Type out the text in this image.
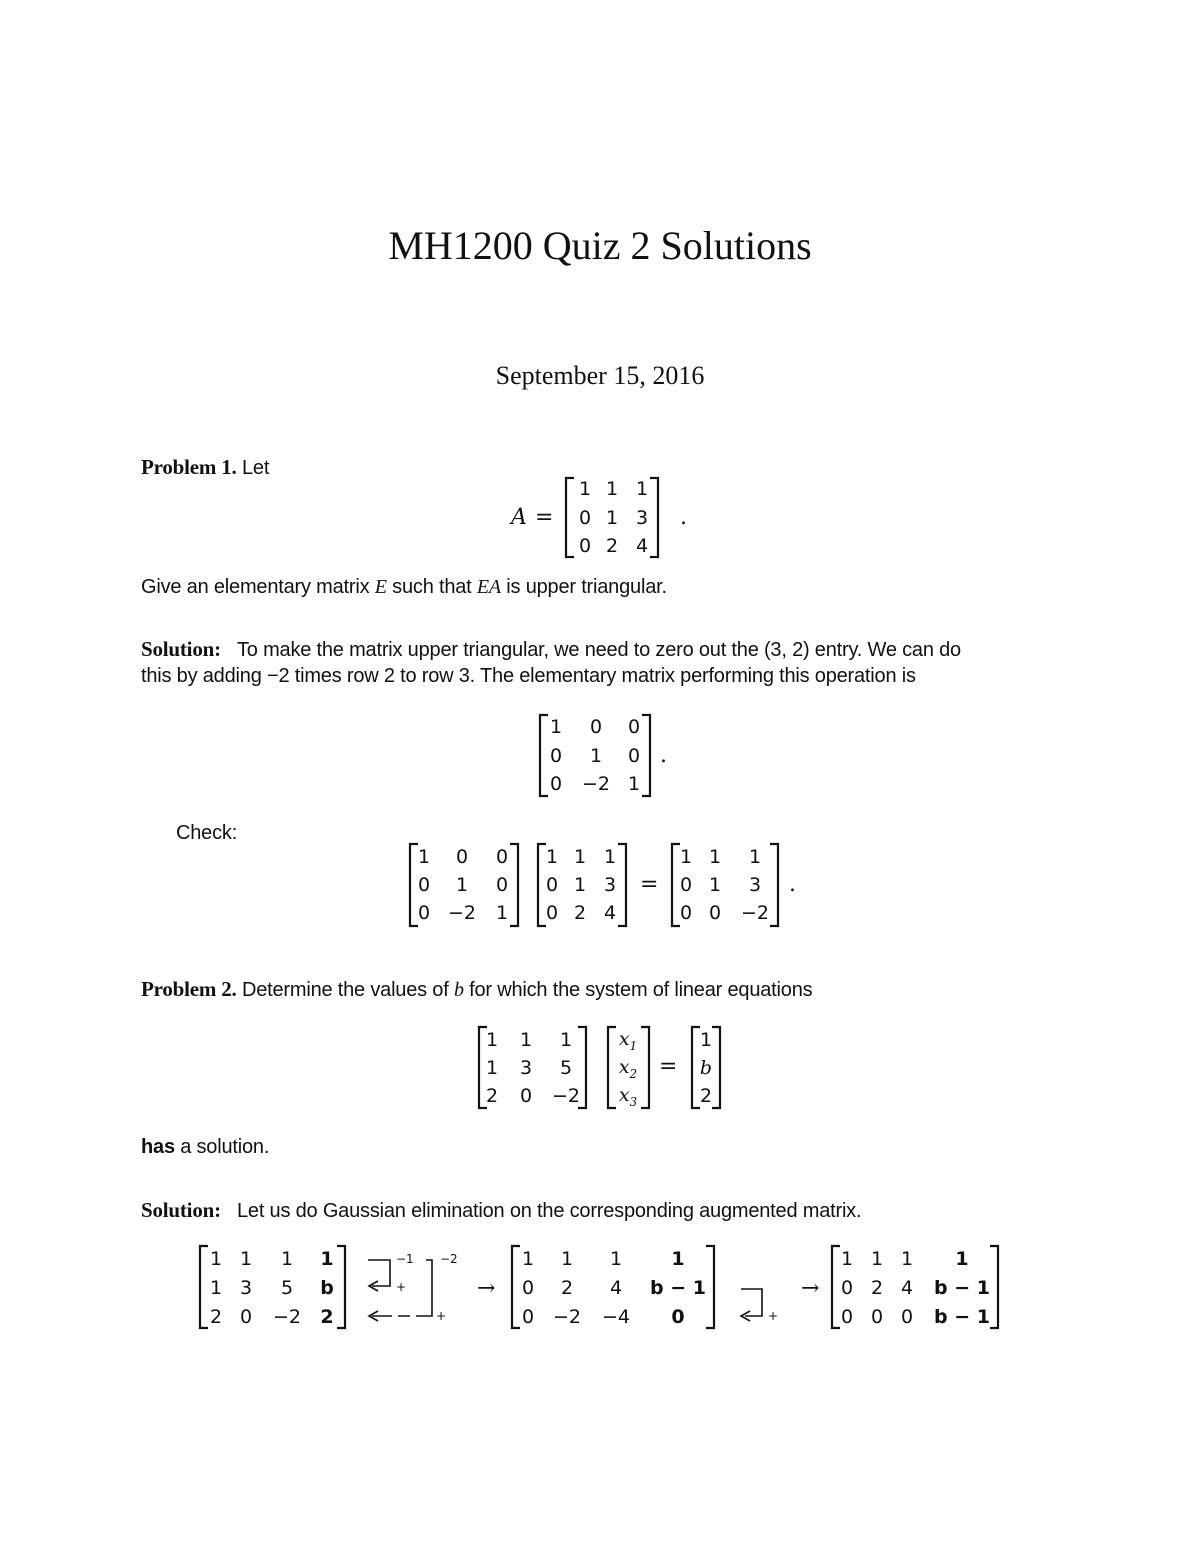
MH1200 Quiz 2 Solutions
September 15, 2016
Problem 1. Let
A =	.
1 1 1
0 1 3
0 2 4
Give an elementary matrix E such that EA is upper triangular.
Solution: To make the matrix upper triangular, we need to zero out the (3, 2) entry. We can do
this by adding −2 times row 2 to row 3. The elementary matrix performing this operation is
1 0 0
0 1 0
0 −2 1
.
Check:
1 0 0
0 1 0
0 −2 1
1 1 1
0 1 3
0 2 4
=
1 1 1
0 1 3
0 0 −2
.
Problem 2. Determine the values of b for which the system of linear equations
1 1 1
1 3 5
2 0 −2
$x_1$
$x_2$
$x_3$
=
1
b
2
has a solution.
Solution: Let us do Gaussian elimination on the corresponding augmented matrix.
1 1 1 1
1 3 5 b
2 0 −2 2
−1 −2
+
+
→
1 1 1	1
0 2 4 b − 1
0 −2 −4 0	+
→
1 1 1 1
0 2 4 b − 1
0 0 0 b − 1
